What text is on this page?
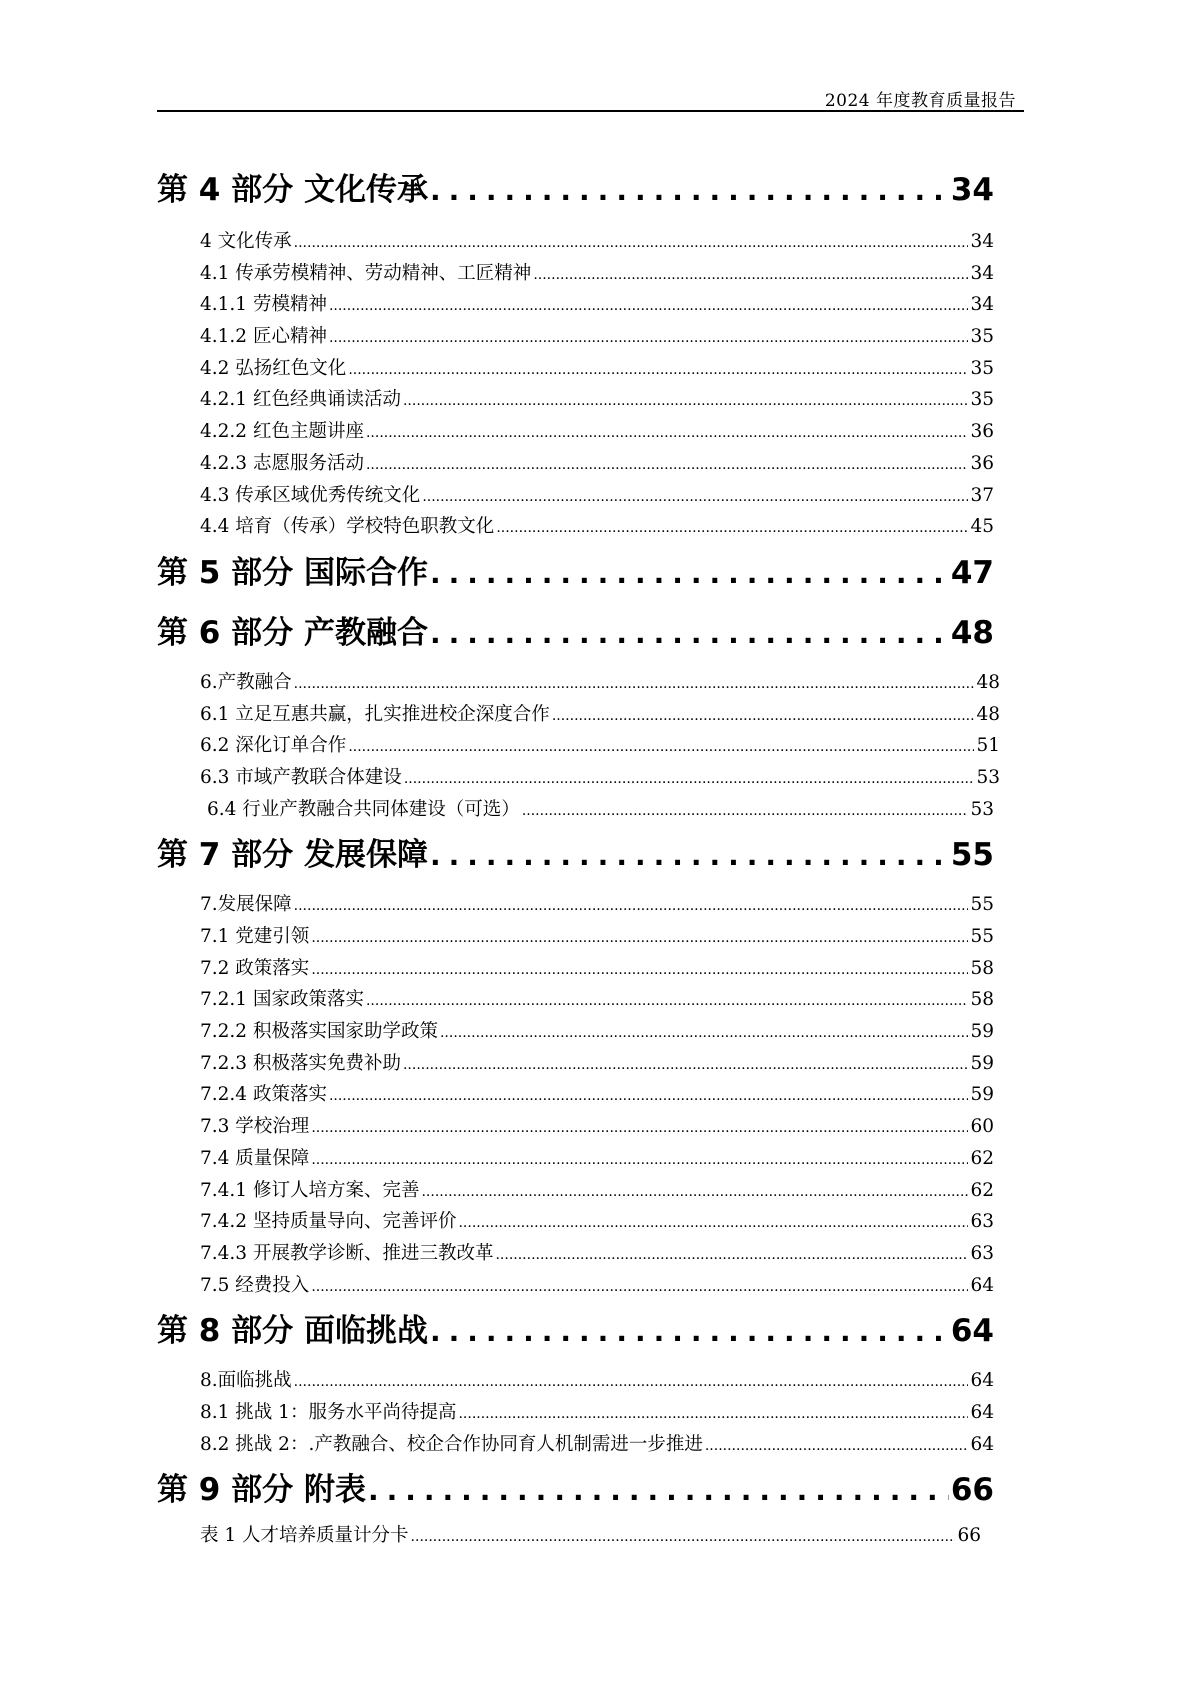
2024 年度教育质量报告
第 4 部分 文化传承 .....	34
4 文化传承 .....	34
4.1 传承劳模精神、劳动精神、工匠精神 .....	34
4.1.1 劳模精神 .....	34
4.1.2 匠心精神 .....	35
4.2 弘扬红色文化 .....	35
4.2.1 红色经典诵读活动 .....	35
4.2.2 红色主题讲座 .....	36
4.2.3 志愿服务活动 .....	36
4.3 传承区域优秀传统文化 .....	37
4.4 培育（传承）学校特色职教文化 .....	45
第 5 部分 国际合作 .....	47
第 6 部分 产教融合 .....	48
6.产教融合 .....	48
6.1 立足互惠共赢，扎实推进校企深度合作 .....	48
6.2 深化订单合作 .....	51
6.3 市域产教联合体建设 .....	53
6.4 行业产教融合共同体建设（可选） .....	53
第 7 部分 发展保障 .....	55
7.发展保障 .....	55
7.1 党建引领 .....	55
7.2 政策落实 .....	58
7.2.1 国家政策落实 .....	58
7.2.2 积极落实国家助学政策 .....	59
7.2.3 积极落实免费补助 .....	59
7.2.4 政策落实 .....	59
7.3 学校治理 .....	60
7.4 质量保障 .....	62
7.4.1 修订人培方案、完善 .....	62
7.4.2 坚持质量导向、完善评价 .....	63
7.4.3 开展教学诊断、推进三教改革 .....	63
7.5 经费投入 .....	64
第 8 部分 面临挑战 .....	64
8.面临挑战 .....	64
8.1 挑战 1：服务水平尚待提高 .....	64
8.2 挑战 2：.产教融合、校企合作协同育人机制需进一步推进 .....	64
第 9 部分 附表 .....	66
表 1 人才培养质量计分卡 .....	66
